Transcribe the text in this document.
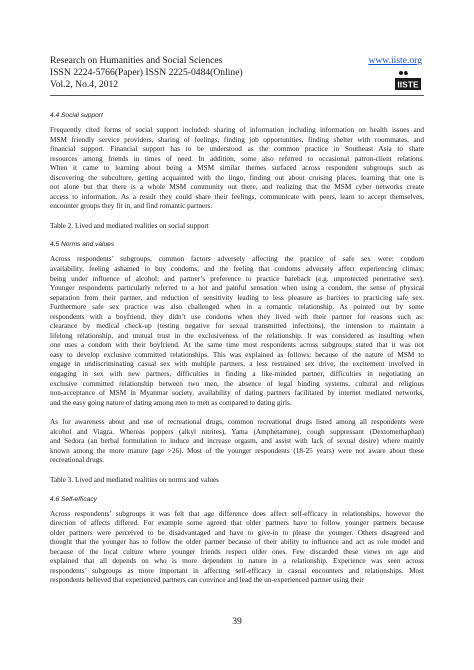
Research on Humanities and Social Sciences
ISSN 2224-5766(Paper) ISSN 2225-0484(Online)
Vol.2, No.4, 2012
www.iiste.org
IISTE
4.4 Social support
Frequently cited forms of social support included: sharing of information including information on health issues and
MSM friendly service providers, sharing of feelings, finding job opportunities, finding shelter with roommates, and
financial support. Financial support has to be understood as the common practice in Southeast Asia to share
resources among friends in times of need. In addition, some also referred to occasional patron-client relations.
When it came to learning about being a MSM similar themes surfaced across respondent subgroups such as
discovering the subculture, getting acquainted with the lingo, finding out about cruising places, learning that one is
not alone but that there is a whole MSM community out there, and realizing that the MSM cyber networks create
access to information. As a result they could share their feelings, communicate with peers, learn to accept themselves,
encounter groups they fit in, and find romantic partners.
Table 2. Lived and mediated realities on social support
4.5 Norms and values
Across respondents’ subgroups, common factors adversely affecting the practice of safe sex were: condom
availability, feeling ashamed to buy condoms, and the feeling that condoms adversely affect experiencing climax;
being under influence of alcohol; and partner’s preference to practice bareback (e.g. unprotected penetrative sex).
Younger respondents particularly referred to a hot and painful sensation when using a condom, the sense of physical
separation from their partner, and reduction of sensitivity leading to less pleasure as barriers to practicing safe sex.
Furthermore safe sex practice was also challenged when in a romantic relationship. As pointed out by some
respondents with a boyfriend, they didn’t use condoms when they lived with their partner for reasons such as:
clearance by medical check-up (testing negative for sexual transmitted infections), the intension to maintain a
lifelong relationship, and mutual trust in the exclusiveness of the relationship. It was considered as insulting when
one uses a condom with their boyfriend. At the same time most respondents across subgroups stated that it was not
easy to develop exclusive committed relationships. This was explained as follows: because of the nature of MSM to
engage in undiscriminating casual sex with multiple partners, a less restrained sex drive, the excitement involved in
engaging in sex with new partners, difficulties in finding a like-minded partner, difficulties in negotiating an
exclusive committed relationship between two men, the absence of legal binding systems, cultural and religious
non-acceptance of MSM in Myanmar society, availability of dating partners facilitated by internet mediated networks,
and the easy going nature of dating among men to men as compared to dating girls.
As for awareness about and use of recreational drugs, common recreational drugs listed among all respondents were
alcohol and Viagra. Whereas poppers (alkyl nitrites), Yama (Amphetamine), cough suppressant (Dextomethaphan)
and Sedora (an herbal formulation to induce and increase orgasm, and assist with lack of sexual desire) where mainly
known among the more mature (age >26). Most of the younger respondents (18-25 years) were not aware about these
recreational drugs.
Table 3. Lived and mediated realities on norms and values
4.6 Self-efficacy
Across respondents’ subgroups it was felt that age difference does affect self-efficacy in relationships, however the
direction of affects differed. For example some agreed that older partners have to follow younger partners because
older partners were perceived to be disadvantaged and have to give-in to please the younger. Others disagreed and
thought that the younger has to follow the older partner because of their ability to influence and act as role model and
because of the local culture where younger friends respect older ones. Few discarded these views on age and
explained that all depends on who is more dependent in nature in a relationship. Experience was seen across
respondents’ subgroups as more important in affecting self-efficacy in casual encounters and relationships. Most
respondents believed that experienced partners can convince and lead the un-experienced partner using their
39
